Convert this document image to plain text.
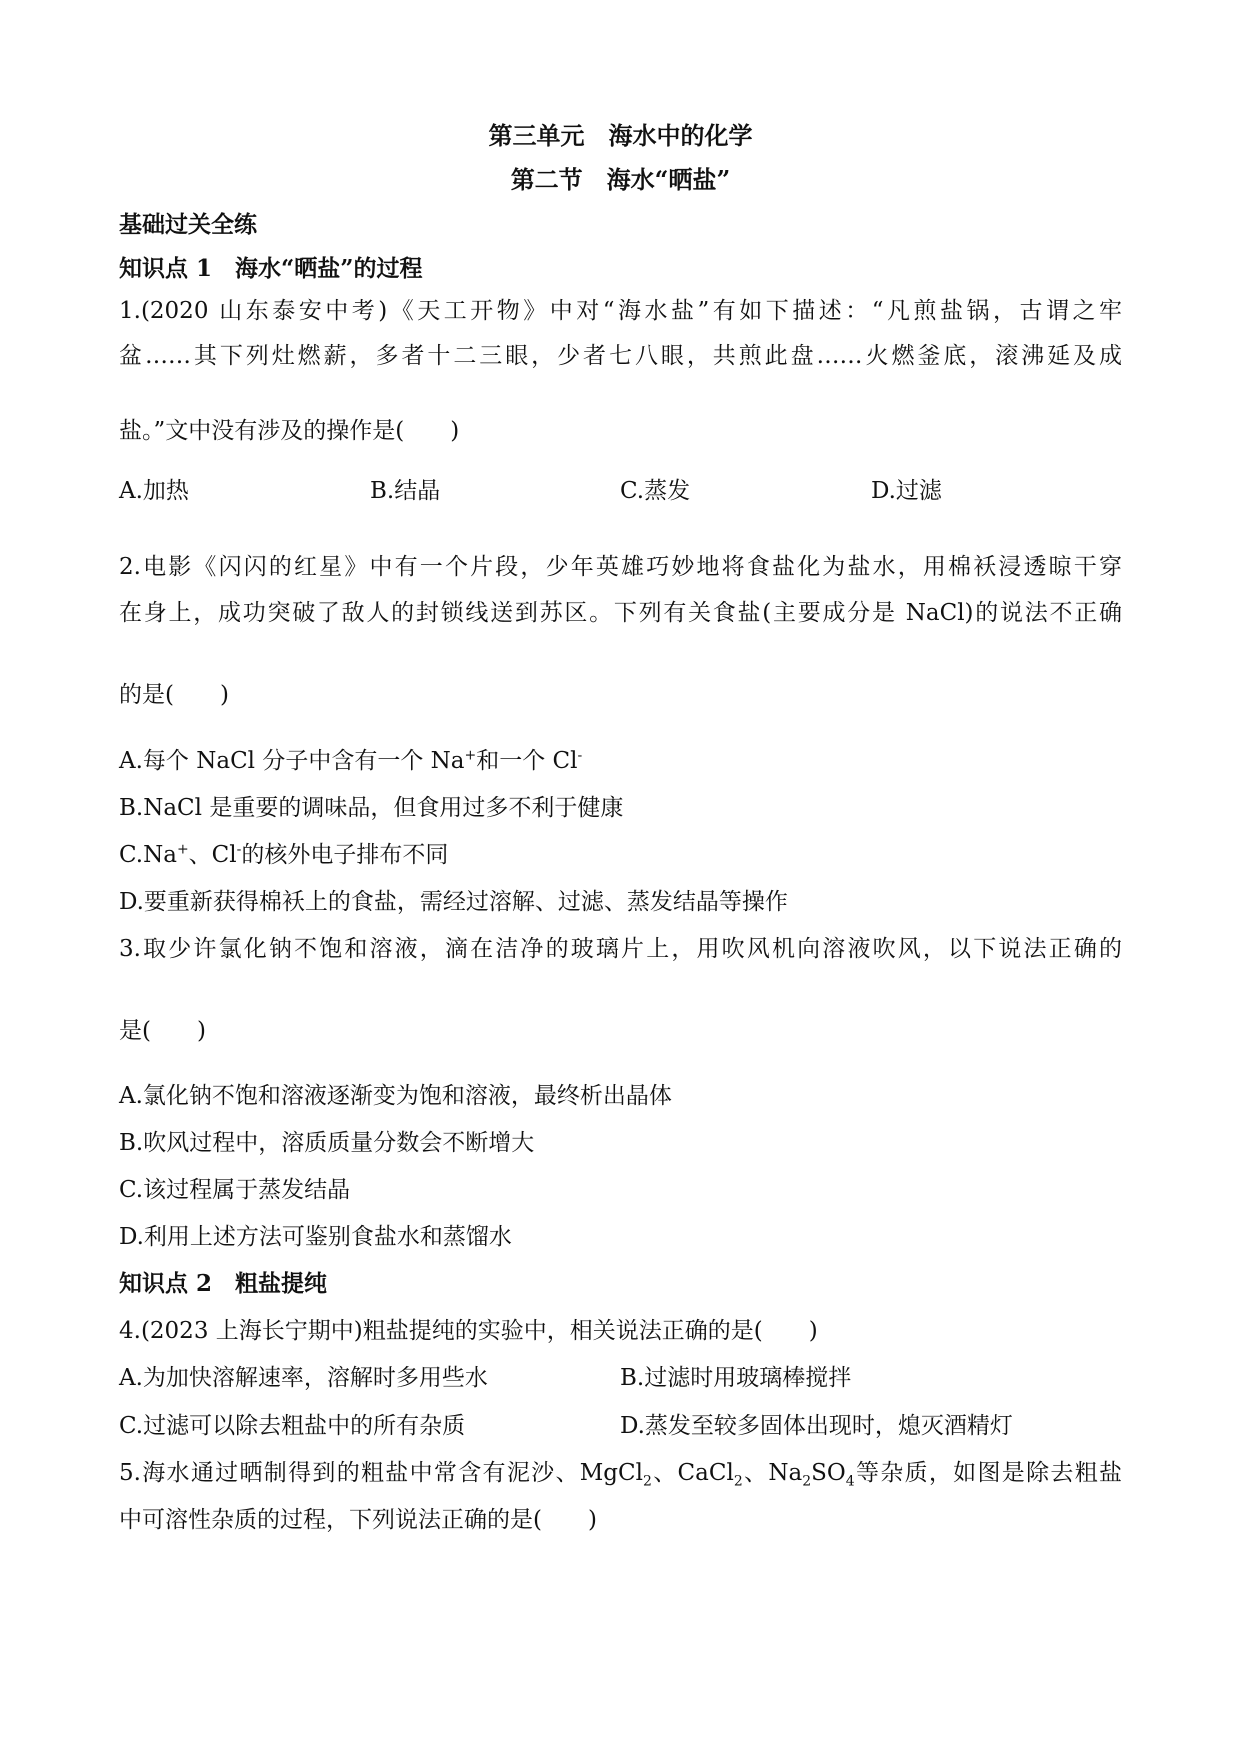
第三单元　海水中的化学
第二节　海水“晒盐”
基础过关全练
知识点 1　海水“晒盐”的过程
1.(2020 山东泰安中考)《天工开物》中对“海水盐”有如下描述：“凡煎盐锅，古谓之牢
盆……其下列灶燃薪，多者十二三眼，少者七八眼，共煎此盘……火燃釜底，滚沸延及成
盐。”文中没有涉及的操作是(　　)
A.加热	B.结晶	C.蒸发	D.过滤
2.电影《闪闪的红星》中有一个片段，少年英雄巧妙地将食盐化为盐水，用棉袄浸透晾干穿
在身上，成功突破了敌人的封锁线送到苏区。下列有关食盐(主要成分是 NaCl)的说法不正确
的是(　　)
A.每个 NaCl 分子中含有一个 Na+和一个 Cl-
B.NaCl 是重要的调味品，但食用过多不利于健康
C.Na+、Cl-的核外电子排布不同
D.要重新获得棉袄上的食盐，需经过溶解、过滤、蒸发结晶等操作
3.取少许氯化钠不饱和溶液，滴在洁净的玻璃片上，用吹风机向溶液吹风，以下说法正确的
是(　　)
A.氯化钠不饱和溶液逐渐变为饱和溶液，最终析出晶体
B.吹风过程中，溶质质量分数会不断增大
C.该过程属于蒸发结晶
D.利用上述方法可鉴别食盐水和蒸馏水
知识点 2　粗盐提纯
4.(2023 上海长宁期中)粗盐提纯的实验中，相关说法正确的是(　　)
A.为加快溶解速率，溶解时多用些水	B.过滤时用玻璃棒搅拌
C.过滤可以除去粗盐中的所有杂质	D.蒸发至较多固体出现时，熄灭酒精灯
5.海水通过晒制得到的粗盐中常含有泥沙、MgCl$_2$、CaCl$_2$、$Na_2SO_4$等杂质，如图是除去粗盐
中可溶性杂质的过程，下列说法正确的是(　　)
